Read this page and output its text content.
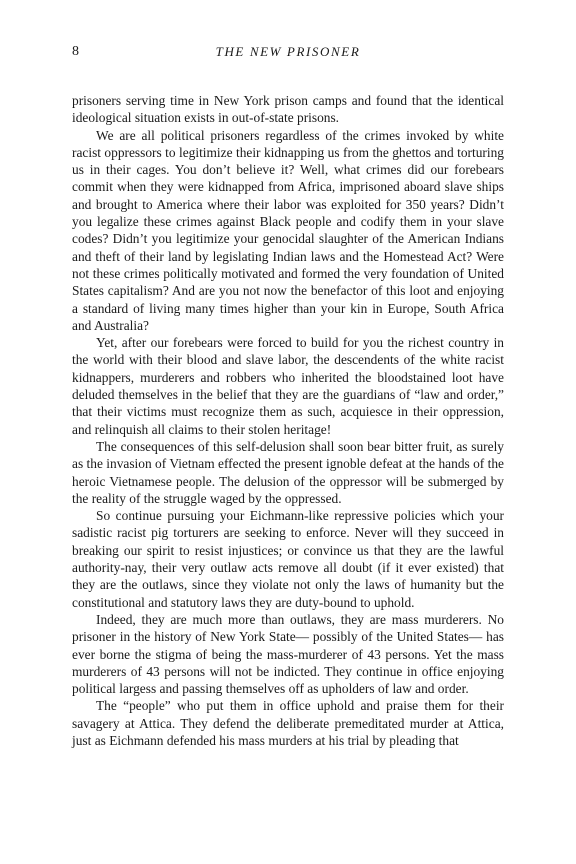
8	THE NEW PRISONER

prisoners serving time in New York prison camps and found that the identical ideological situation exists in out-of-state prisons.

We are all political prisoners regardless of the crimes invoked by white racist oppressors to legitimize their kidnapping us from the ghettos and torturing us in their cages. You don’t believe it? Well, what crimes did our forebears commit when they were kidnapped from Africa, imprisoned aboard slave ships and brought to America where their labor was exploited for 350 years? Didn’t you legalize these crimes against Black people and codify them in your slave codes? Didn’t you legitimize your genocidal slaughter of the American Indians and theft of their land by legislating Indian laws and the Homestead Act? Were not these crimes politically motivated and formed the very foundation of United States capitalism? And are you not now the benefactor of this loot and enjoying a standard of living many times higher than your kin in Europe, South Africa and Australia?

Yet, after our forebears were forced to build for you the richest country in the world with their blood and slave labor, the descendents of the white racist kidnappers, murderers and robbers who inherited the bloodstained loot have deluded themselves in the belief that they are the guardians of “law and order,” that their victims must recognize them as such, acquiesce in their oppression, and relinquish all claims to their stolen heritage!

The consequences of this self-delusion shall soon bear bitter fruit, as surely as the invasion of Vietnam effected the present ignoble defeat at the hands of the heroic Vietnamese people. The delusion of the oppressor will be submerged by the reality of the struggle waged by the oppressed.

So continue pursuing your Eichmann-like repressive policies which your sadistic racist pig torturers are seeking to enforce. Never will they succeed in breaking our spirit to resist injustices; or convince us that they are the lawful authority-nay, their very outlaw acts remove all doubt (if it ever existed) that they are the outlaws, since they violate not only the laws of humanity but the constitutional and statutory laws they are duty-bound to uphold.

Indeed, they are much more than outlaws, they are mass murderers. No prisoner in the history of New York State— possibly of the United States— has ever borne the stigma of being the mass-murderer of 43 persons. Yet the mass murderers of 43 persons will not be indicted. They continue in office enjoying political largess and passing themselves off as upholders of law and order.

The “people” who put them in office uphold and praise them for their savagery at Attica. They defend the deliberate premeditated murder at Attica, just as Eichmann defended his mass murders at his trial by pleading that
